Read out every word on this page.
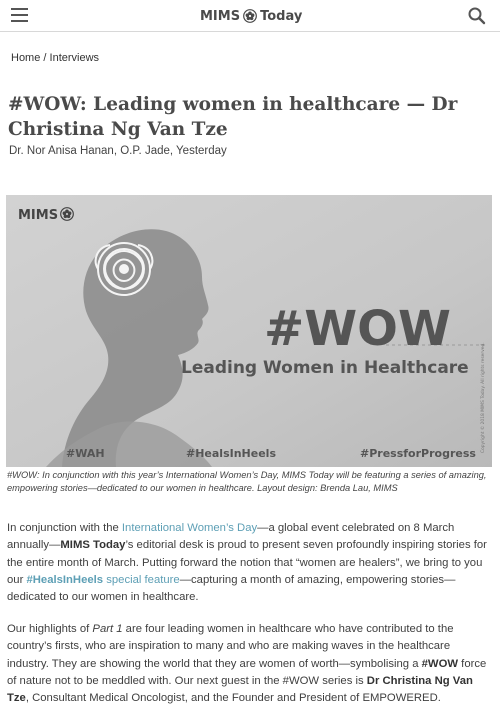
MIMS Today
Home / Interviews
#WOW: Leading women in healthcare — Dr Christina Ng Van Tze
Dr. Nor Anisa Hanan, O.P. Jade, Yesterday
MIMS
#WOW
Leading Women in Healthcare
#WAH	#HealsInHeels	#PressforProgress
Copyright © 2018 MIMS Today. All rights reserved.
#WOW: In conjunction with this year’s International Women’s Day, MIMS Today will be featuring a series of amazing, empowering stories—dedicated to our women in healthcare. Layout design: Brenda Lau, MIMS

In conjunction with the International Women’s Day—a global event celebrated on 8 March annually—MIMS Today’s editorial desk is proud to present seven profoundly inspiring stories for the entire month of March. Putting forward the notion that “women are healers”, we bring to you our #HealsInHeels special feature—capturing a month of amazing, empowering stories—dedicated to our women in healthcare.

Our highlights of Part 1 are four leading women in healthcare who have contributed to the country’s firsts, who are inspiration to many and who are making waves in the healthcare industry. They are showing the world that they are women of worth—symbolising a #WOW force of nature not to be meddled with. Our next guest in the #WOW series is Dr Christina Ng Van Tze, Consultant Medical Oncologist, and the Founder and President of EMPOWERED.
